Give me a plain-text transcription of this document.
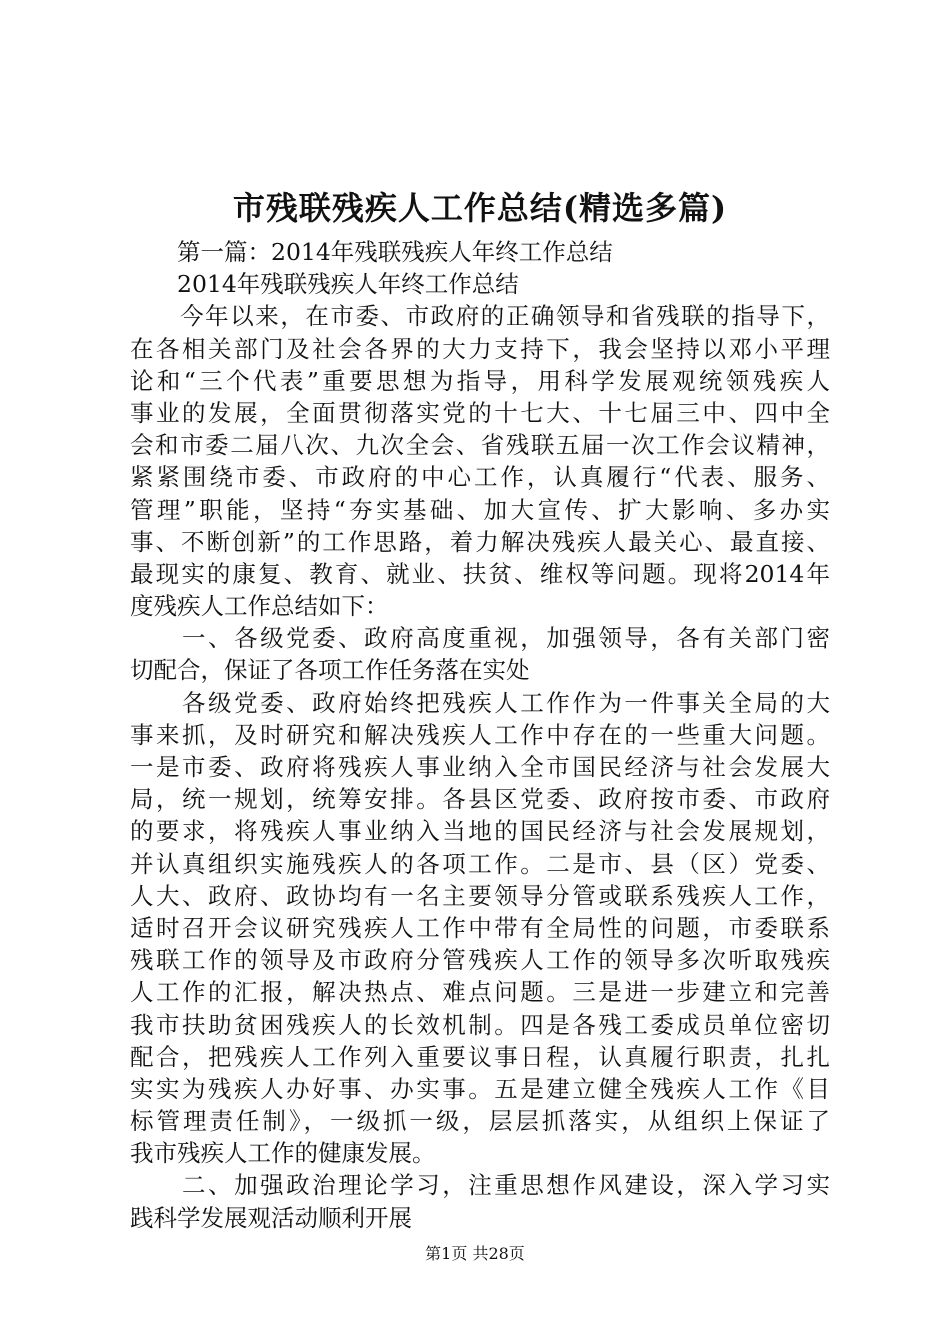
市残联残疾人工作总结(精选多篇)
　　第一篇：2014年残联残疾人年终工作总结
　　2014年残联残疾人年终工作总结
　　今年以来，在市委、市政府的正确领导和省残联的指导下，
在各相关部门及社会各界的大力支持下，我会坚持以邓小平理
论和“三个代表”重要思想为指导，用科学发展观统领残疾人
事业的发展，全面贯彻落实党的十七大、十七届三中、四中全
会和市委二届八次、九次全会、省残联五届一次工作会议精神，
紧紧围绕市委、市政府的中心工作，认真履行“代表、服务、
管理”职能，坚持“夯实基础、加大宣传、扩大影响、多办实
事、不断创新”的工作思路，着力解决残疾人最关心、最直接、
最现实的康复、教育、就业、扶贫、维权等问题。现将2014年
度残疾人工作总结如下：
　　一、各级党委、政府高度重视，加强领导，各有关部门密
切配合，保证了各项工作任务落在实处
　　各级党委、政府始终把残疾人工作作为一件事关全局的大
事来抓，及时研究和解决残疾人工作中存在的一些重大问题。
一是市委、政府将残疾人事业纳入全市国民经济与社会发展大
局，统一规划，统筹安排。各县区党委、政府按市委、市政府
的要求，将残疾人事业纳入当地的国民经济与社会发展规划，
并认真组织实施残疾人的各项工作。二是市、县（区）党委、
人大、政府、政协均有一名主要领导分管或联系残疾人工作，
适时召开会议研究残疾人工作中带有全局性的问题，市委联系
残联工作的领导及市政府分管残疾人工作的领导多次听取残疾
人工作的汇报，解决热点、难点问题。三是进一步建立和完善
我市扶助贫困残疾人的长效机制。四是各残工委成员单位密切
配合，把残疾人工作列入重要议事日程，认真履行职责，扎扎
实实为残疾人办好事、办实事。五是建立健全残疾人工作《目
标管理责任制》，一级抓一级，层层抓落实，从组织上保证了
我市残疾人工作的健康发展。
　　二、加强政治理论学习，注重思想作风建设，深入学习实
践科学发展观活动顺利开展
第1页 共28页
